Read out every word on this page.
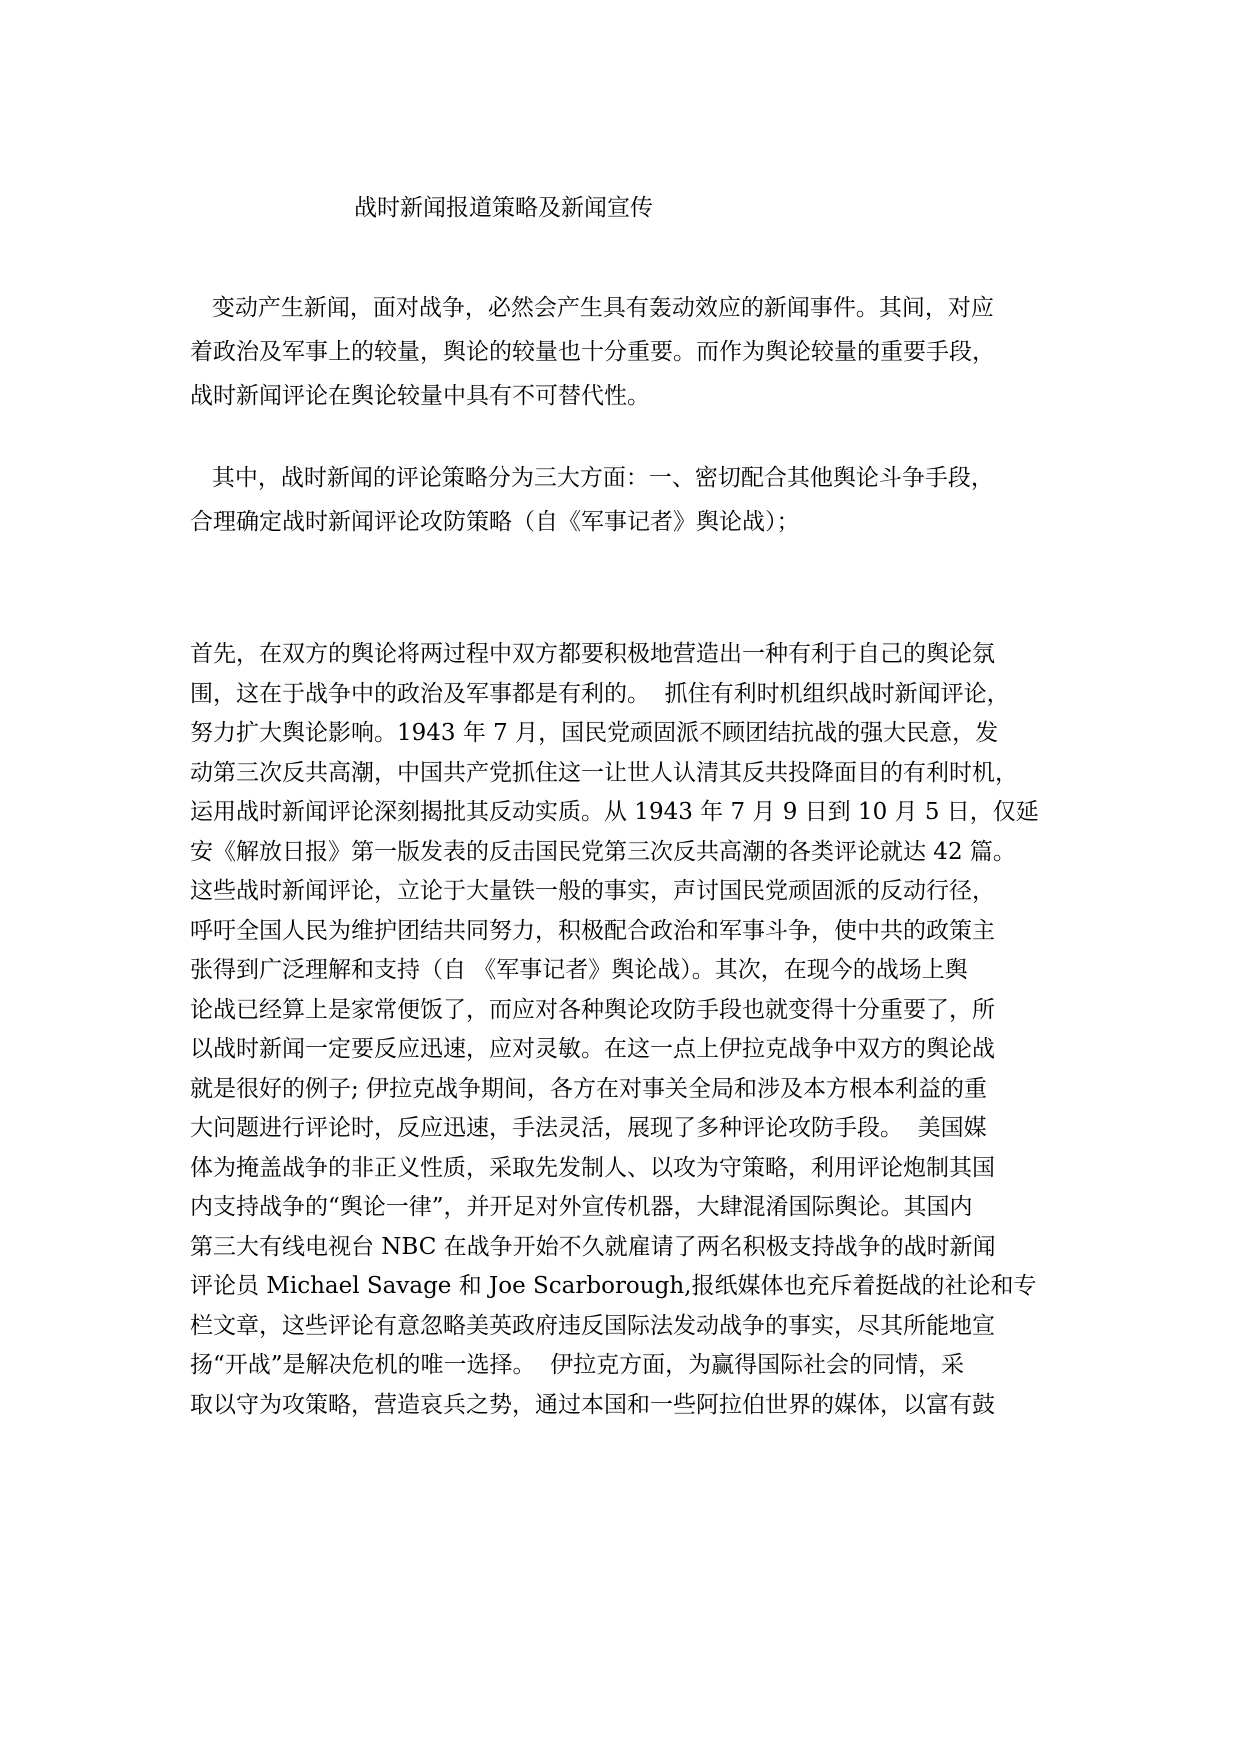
战时新闻报道策略及新闻宣传
变动产生新闻，面对战争，必然会产生具有轰动效应的新闻事件。其间，对应
着政治及军事上的较量，舆论的较量也十分重要。而作为舆论较量的重要手段，
战时新闻评论在舆论较量中具有不可替代性。
其中，战时新闻的评论策略分为三大方面：一、密切配合其他舆论斗争手段，
合理确定战时新闻评论攻防策略（自《军事记者》舆论战）；
首先，在双方的舆论将两过程中双方都要积极地营造出一种有利于自己的舆论氛
围，这在于战争中的政治及军事都是有利的。  抓住有利时机组织战时新闻评论，
努力扩大舆论影响。1943 年 7 月，国民党顽固派不顾团结抗战的强大民意，发
动第三次反共高潮，中国共产党抓住这一让世人认清其反共投降面目的有利时机，
运用战时新闻评论深刻揭批其反动实质。从 1943 年 7 月 9 日到 10 月 5 日，仅延
安《解放日报》第一版发表的反击国民党第三次反共高潮的各类评论就达 42 篇。
这些战时新闻评论，立论于大量铁一般的事实，声讨国民党顽固派的反动行径，
呼吁全国人民为维护团结共同努力，积极配合政治和军事斗争，使中共的政策主
张得到广泛理解和支持（自 《军事记者》舆论战）。其次，在现今的战场上舆
论战已经算上是家常便饭了，而应对各种舆论攻防手段也就变得十分重要了，所
以战时新闻一定要反应迅速，应对灵敏。在这一点上伊拉克战争中双方的舆论战
就是很好的例子; 伊拉克战争期间，各方在对事关全局和涉及本方根本利益的重
大问题进行评论时，反应迅速，手法灵活，展现了多种评论攻防手段。  美国媒
体为掩盖战争的非正义性质，采取先发制人、以攻为守策略，利用评论炮制其国
内支持战争的“舆论一律”，并开足对外宣传机器，大肆混淆国际舆论。其国内
第三大有线电视台 NBC 在战争开始不久就雇请了两名积极支持战争的战时新闻
评论员 Michael Savage 和 Joe Scarborough,报纸媒体也充斥着挺战的社论和专
栏文章，这些评论有意忽略美英政府违反国际法发动战争的事实，尽其所能地宣
扬“开战”是解决危机的唯一选择。  伊拉克方面，为赢得国际社会的同情，采
取以守为攻策略，营造哀兵之势，通过本国和一些阿拉伯世界的媒体，以富有鼓
